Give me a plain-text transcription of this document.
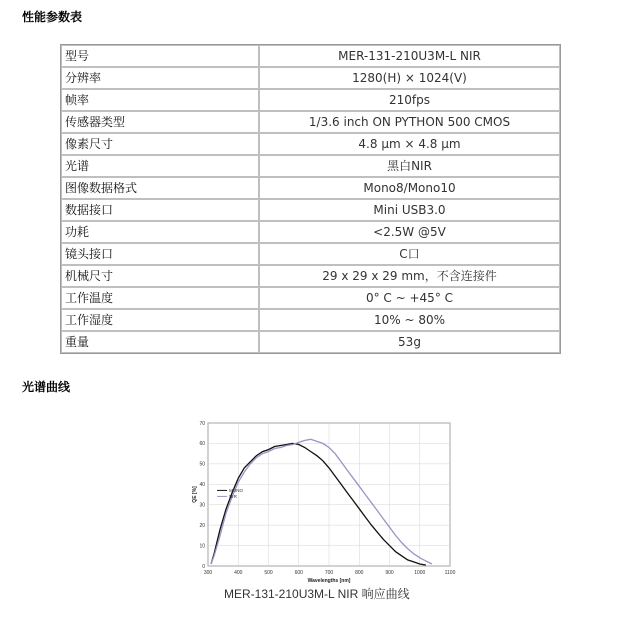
性能参数表
型号	MER-131-210U3M-L NIR
分辨率	1280(H) × 1024(V)
帧率	210fps
传感器类型	1/3.6 inch ON PYTHON 500 CMOS
像素尺寸	4.8 μm × 4.8 μm
光谱	黑白NIR
图像数据格式	Mono8/Mono10
数据接口	Mini USB3.0
功耗	<2.5W @5V
镜头接口	C口
机械尺寸	29 x 29 x 29 mm，不含连接件
工作温度	0° C ~ +45° C
工作湿度	10% ~ 80%
重量	53g
光谱曲线
300	400	500	600	700	800	900	1000	1100
0
10
20
30
40
50
60
70
Wavelengths [nm]
QE [%]	MONO
NIR
MER-131-210U3M-L NIR 响应曲线
